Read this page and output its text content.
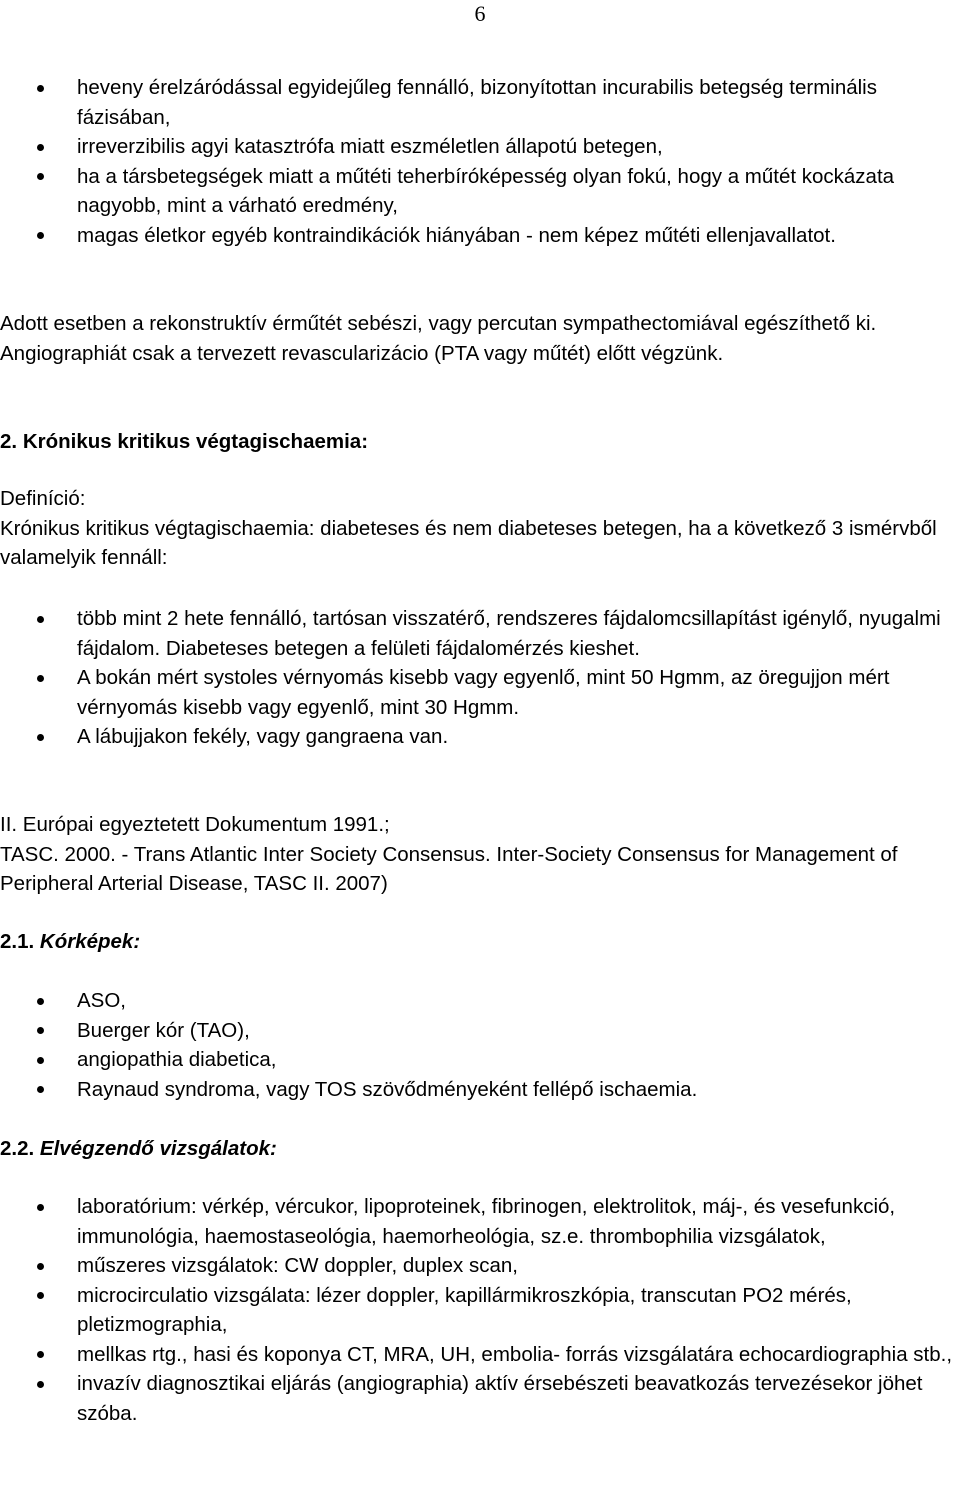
6
heveny érelzáródással egyidejűleg fennálló, bizonyítottan incurabilis betegség terminális fázisában,
irreverzibilis agyi katasztrófa miatt eszméletlen állapotú betegen,
ha a társbetegségek miatt a műtéti teherbíróképesség olyan fokú, hogy a műtét kockázata nagyobb, mint a várható eredmény,
magas életkor egyéb kontraindikációk hiányában - nem képez műtéti ellenjavallatot.

Adott esetben a rekonstruktív érműtét sebészi, vagy percutan sympathectomiával egészíthető ki.

Angiographiát csak a tervezett revascularizácio (PTA vagy műtét) előtt végzünk.

2. Krónikus kritikus végtagischaemia:

Definíció:

Krónikus kritikus végtagischaemia: diabeteses és nem diabeteses betegen, ha a következő 3 ismérvből valamelyik fennáll:

több mint 2 hete fennálló, tartósan visszatérő, rendszeres fájdalomcsillapítást igénylő, nyugalmi fájdalom. Diabeteses betegen a felületi fájdalomérzés kieshet.
A bokán mért systoles vérnyomás kisebb vagy egyenlő, mint 50 Hgmm, az öregujjon mért vérnyomás kisebb vagy egyenlő, mint 30 Hgmm.
A lábujjakon fekély, vagy gangraena van.

II. Európai egyeztetett Dokumentum 1991.;

TASC. 2000. - Trans Atlantic Inter Society Consensus. Inter-Society Consensus for Management of Peripheral Arterial Disease, TASC II. 2007)

2.1. Kórképek:
ASO,
Buerger kór (TAO),
angiopathia diabetica,
Raynaud syndroma, vagy TOS szövődményeként fellépő ischaemia.
2.2. Elvégzendő vizsgálatok:
laboratórium: vérkép, vércukor, lipoproteinek, fibrinogen, elektrolitok, máj-, és vesefunkció, immunológia, haemostaseológia, haemorheológia, sz.e. thrombophilia vizsgálatok,
műszeres vizsgálatok: CW doppler, duplex scan,
microcirculatio vizsgálata: lézer doppler, kapillármikroszkópia, transcutan PO2 mérés, pletizmographia,
mellkas rtg., hasi és koponya CT, MRA, UH, embolia- forrás vizsgálatára echocardiographia stb.,
invazív diagnosztikai eljárás (angiographia) aktív érsebészeti beavatkozás tervezésekor jöhet szóba.
